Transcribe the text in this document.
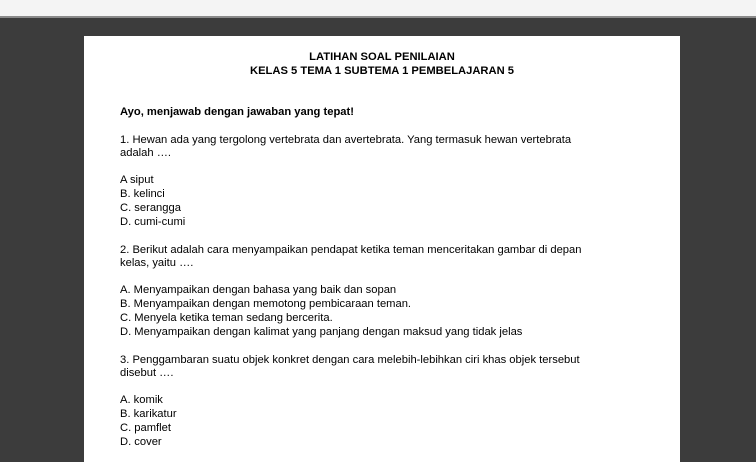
LATIHAN SOAL PENILAIAN
KELAS 5 TEMA 1 SUBTEMA 1 PEMBELAJARAN 5
Ayo, menjawab dengan jawaban yang tepat!
1. Hewan ada yang tergolong vertebrata dan avertebrata. Yang termasuk hewan vertebrata
adalah ….
A siput
B. kelinci
C. serangga
D. cumi-cumi
2. Berikut adalah cara menyampaikan pendapat ketika teman menceritakan gambar di depan
kelas, yaitu ….
A. Menyampaikan dengan bahasa yang baik dan sopan
B. Menyampaikan dengan memotong pembicaraan teman.
C. Menyela ketika teman sedang bercerita.
D. Menyampaikan dengan kalimat yang panjang dengan maksud yang tidak jelas
3. Penggambaran suatu objek konkret dengan cara melebih-lebihkan ciri khas objek tersebut
disebut ….
A. komik
B. karikatur
C. pamflet
D. cover
